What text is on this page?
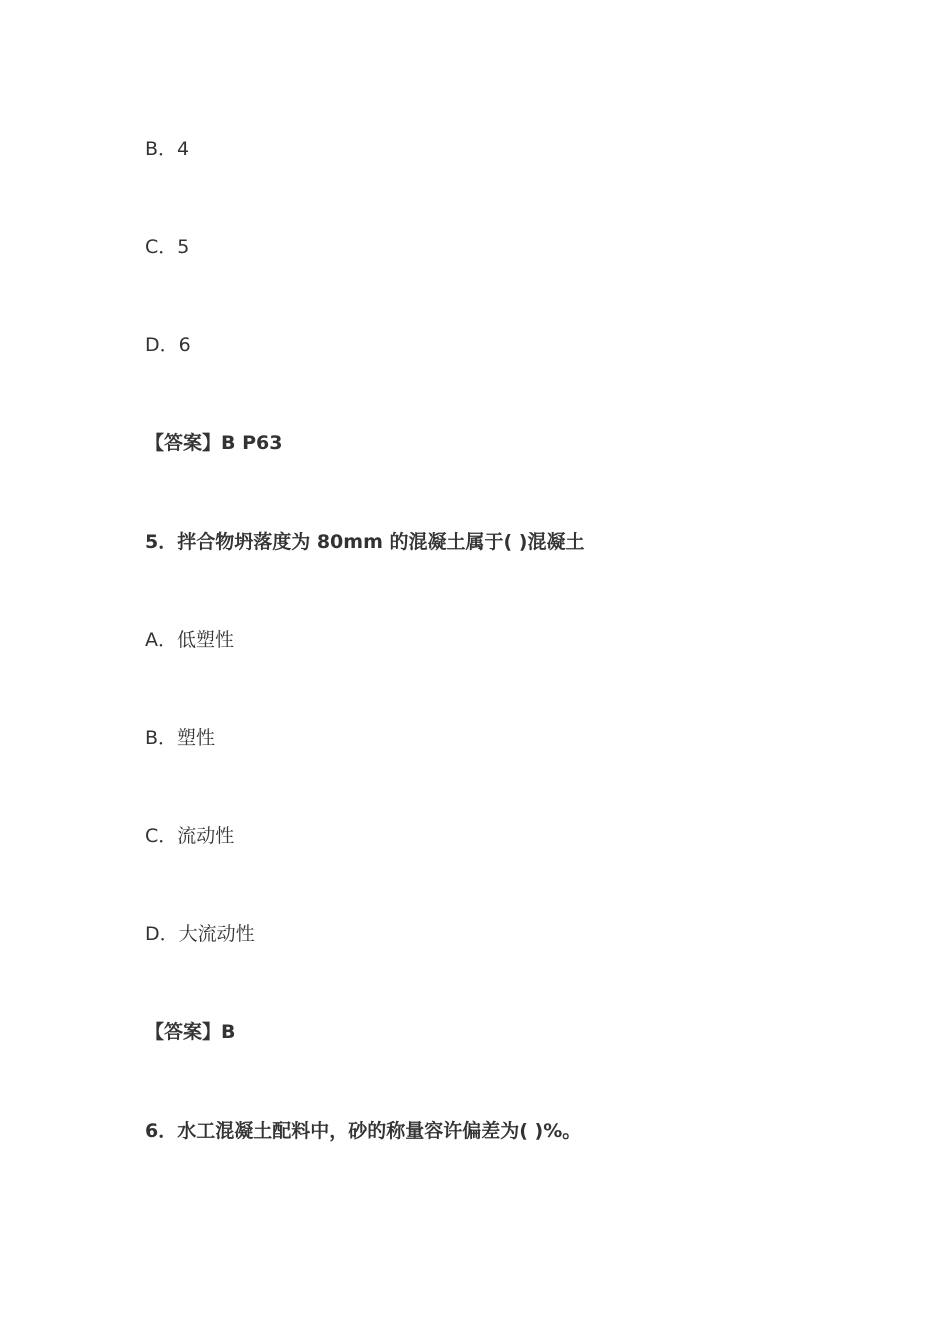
B．4
C．5
D．6
【答案】B P63
5．拌合物坍落度为 80mm 的混凝土属于( )混凝土
A．低塑性
B．塑性
C．流动性
D．大流动性
【答案】B
6．水工混凝土配料中，砂的称量容许偏差为( )%。
